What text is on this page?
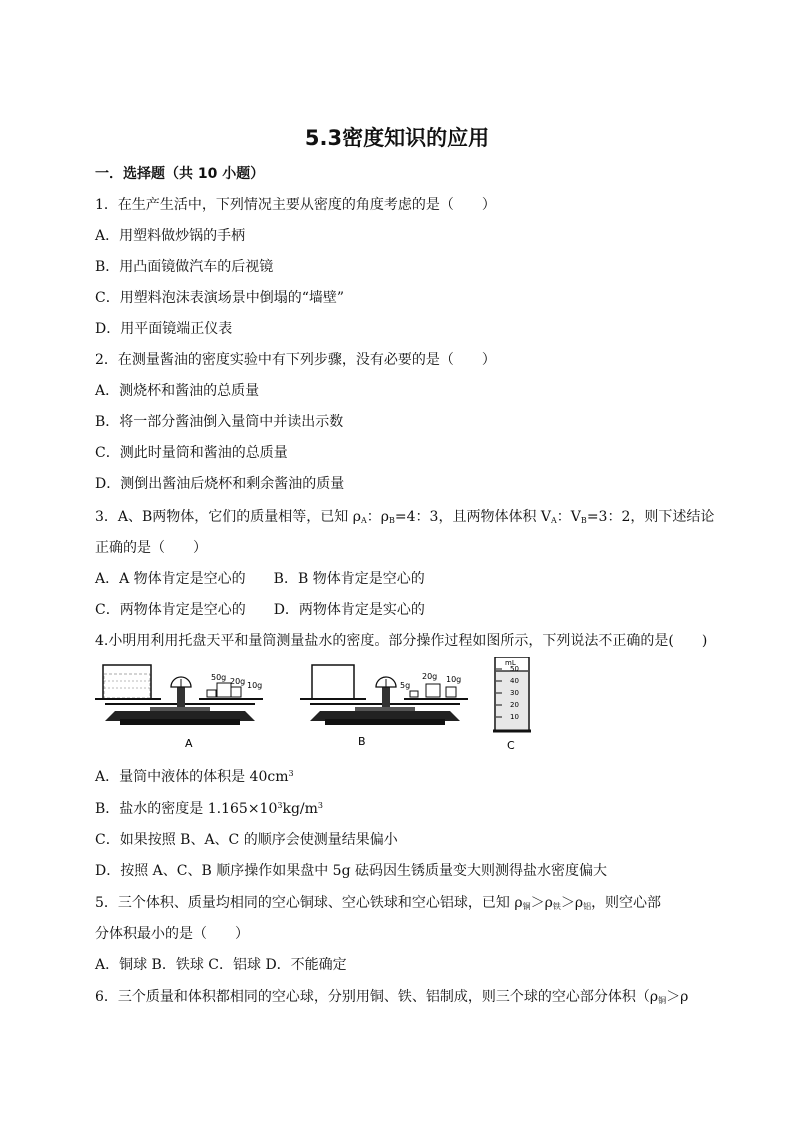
5.3密度知识的应用
一．选择题（共 10 小题）
1．在生产生活中，下列情况主要从密度的角度考虑的是（　　）
A．用塑料做炒锅的手柄
B．用凸面镜做汽车的后视镜
C．用塑料泡沫表演场景中倒塌的“墙壁”
D．用平面镜端正仪表
2．在测量酱油的密度实验中有下列步骤，没有必要的是（　　）
A．测烧杯和酱油的总质量
B．将一部分酱油倒入量筒中并读出示数
C．测此时量筒和酱油的总质量
D．测倒出酱油后烧杯和剩余酱油的质量
3．A、B两物体，它们的质量相等，已知 $\rho_A$：$\rho_B=4$：3，且两物体体积 $V_A$：$V_B=3$：2，则下述结论
正确的是（　　）
A．A 物体肯定是空心的　　B．B 物体肯定是空心的
C．两物体肯定是空心的　　D．两物体肯定是实心的
4.小明用利用托盘天平和量筒测量盐水的密度。部分操作过程如图所示，下列说法不正确的是(　　)
50g 20g 10g
A
5g
20g 10g
B
mL
50
40
30
20
10
C
A．量筒中液体的体积是 $40cm^3$
B．盐水的密度是 $1.165\times 10^3kg/m^3$
C．如果按照 B、A、C 的顺序会使测量结果偏小
D．按照 A、C、B 顺序操作如果盘中 5g 砝码因生锈质量变大则测得盐水密度偏大
5．三个体积、质量均相同的空心铜球、空心铁球和空心铝球，已知 $\rho_铜>\rho_铁>\rho_铝$，则空心部
分体积最小的是（　　）
A．铜球 B．铁球 C．铝球 D．不能确定
6．三个质量和体积都相同的空心球，分别用铜、铁、铝制成，则三个球的空心部分体积（$\rho_铜>\rho$
